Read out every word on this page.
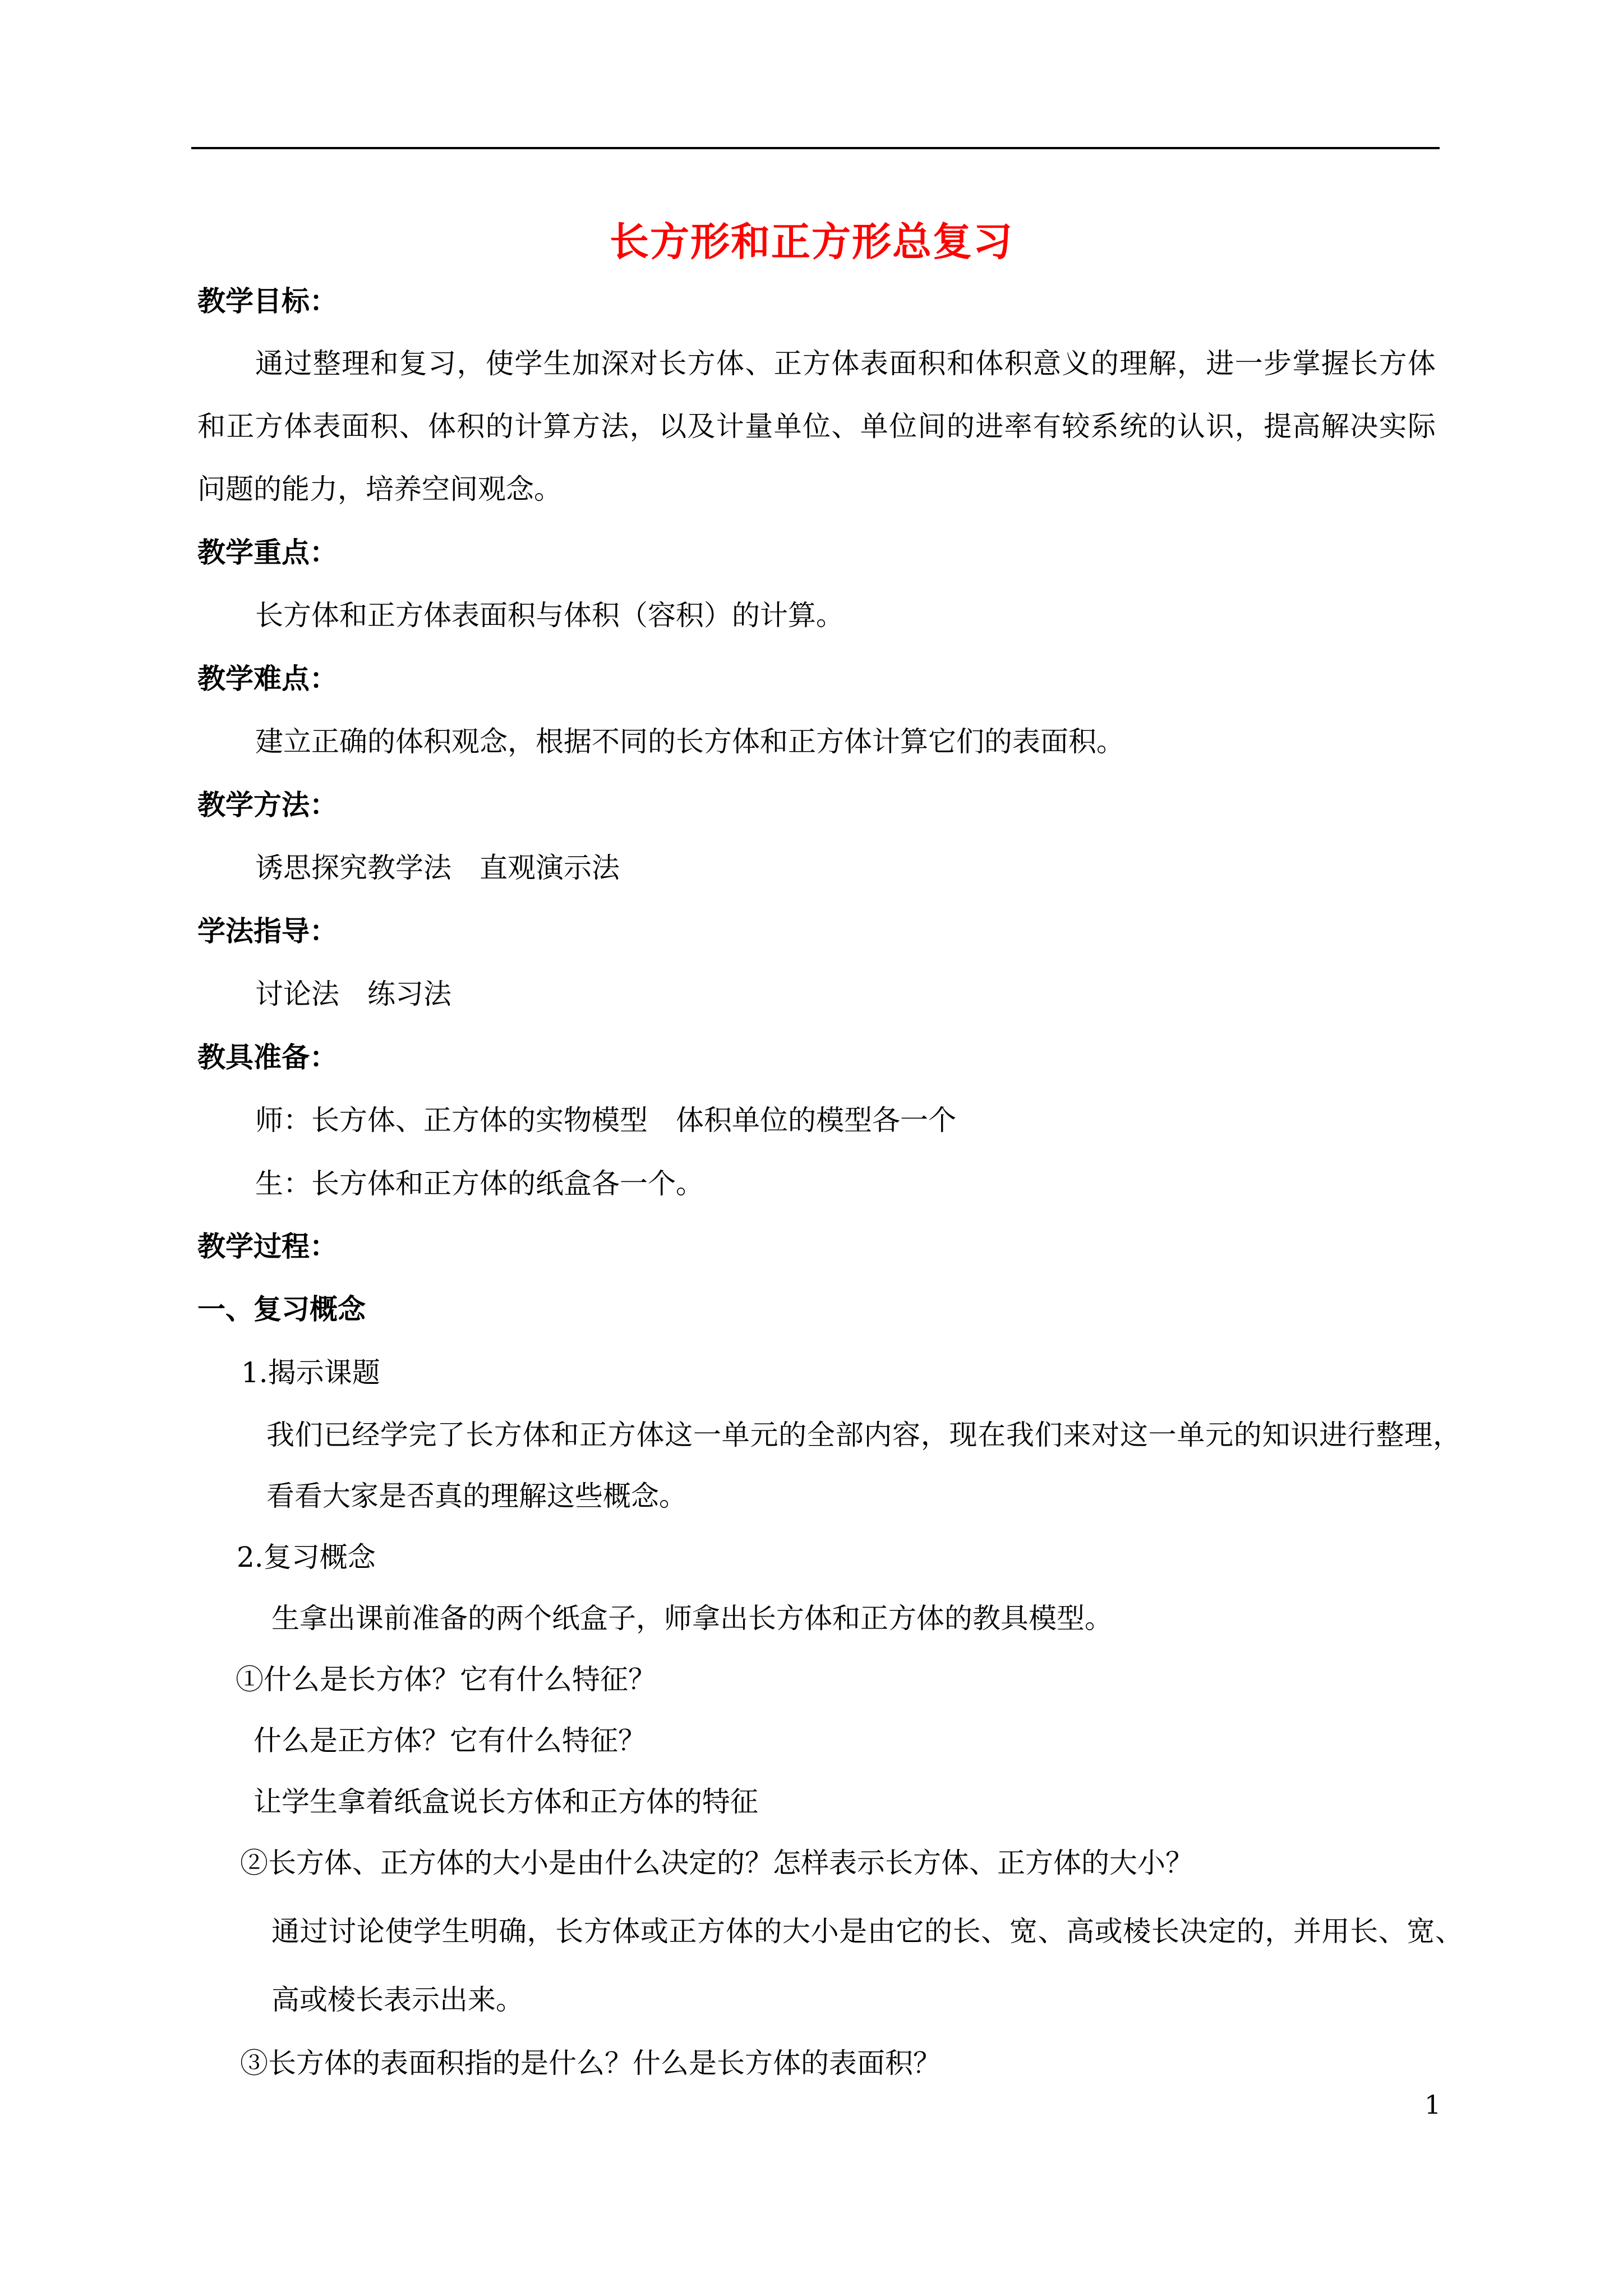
长方形和正方形总复习
教学目标：
通过整理和复习，使学生加深对长方体、正方体表面积和体积意义的理解，进一步掌握长方体
和正方体表面积、体积的计算方法，以及计量单位、单位间的进率有较系统的认识，提高解决实际
问题的能力，培养空间观念。
教学重点：
长方体和正方体表面积与体积（容积）的计算。
教学难点：
建立正确的体积观念，根据不同的长方体和正方体计算它们的表面积。
教学方法：
诱思探究教学法　直观演示法
学法指导：
讨论法　练习法
教具准备：
师：长方体、正方体的实物模型　体积单位的模型各一个
生：长方体和正方体的纸盒各一个。
教学过程：
一、复习概念
1.揭示课题
我们已经学完了长方体和正方体这一单元的全部内容，现在我们来对这一单元的知识进行整理，
看看大家是否真的理解这些概念。
2.复习概念
生拿出课前准备的两个纸盒子，师拿出长方体和正方体的教具模型。
①什么是长方体？它有什么特征？
什么是正方体？它有什么特征？
让学生拿着纸盒说长方体和正方体的特征
②长方体、正方体的大小是由什么决定的？怎样表示长方体、正方体的大小？
通过讨论使学生明确，长方体或正方体的大小是由它的长、宽、高或棱长决定的，并用长、宽、
高或棱长表示出来。
③长方体的表面积指的是什么？什么是长方体的表面积？
1
